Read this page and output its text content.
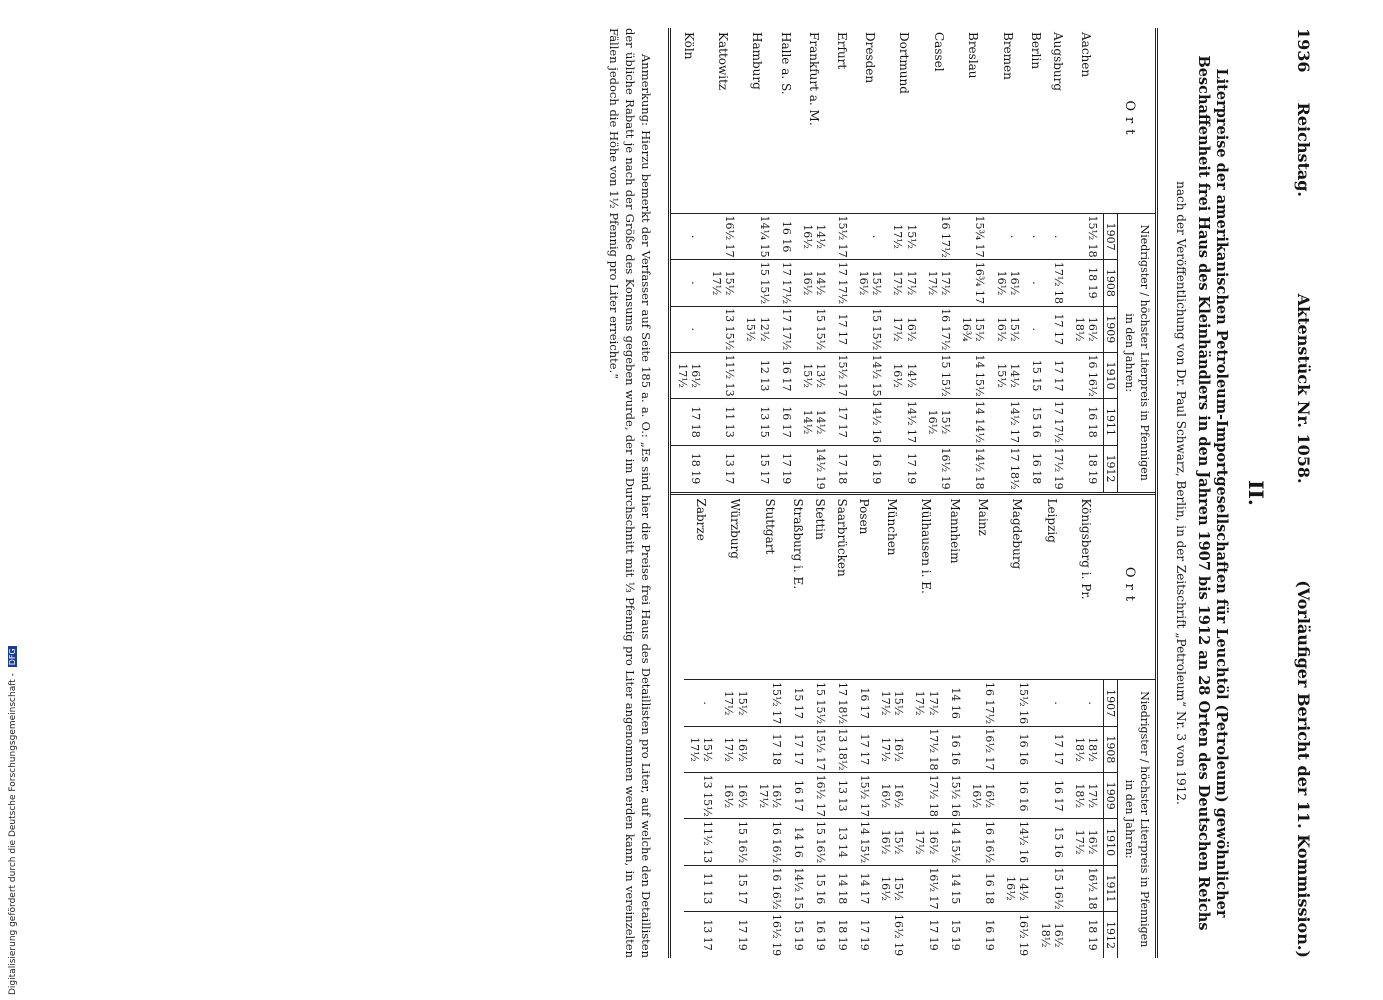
1936
Reichstag.
Aktenstück Nr. 1058.
(Vorläufiger Bericht der 11. Kommission.)
II.
Literpreise der amerikanischen Petroleum-Importgesellschaften für Leuchtöl (Petroleum) gewöhnlicher Beschaffenheit frei Haus des Kleinhändlers in den Jahren 1907 bis 1912 an 28 Orten des Deutschen Reichs
nach der Veröffentlichung von Dr. Paul Schwarz, Berlin, in der Zeitschrift „Petroleum“ Nr. 3 von 1912.
Ort	Niedrigster / höchster Literpreis in Pfennigen
in den Jahren:					
	1907	1908	1909	1910	1911	1912
Aachen	15½ 18	18 19	16½ 18½	16 16½	16 18	18 19
Augsburg	.	17½ 18	17 17	17 17	17 17½	17½ 19
Berlin	.	.	.	15 15	15 16	16 18
Bremen	.	16½ 16½	15½ 16½	14½ 15½	14½ 17	17 18½
Breslau	15¾ 17	16¾ 17	15½ 16¾	14 15½	14 14½	14½ 18
Cassel	16 17½	17½ 17½	16 17½	15 15½	15½ 16½	16½ 19
Dortmund	15½ 17½	17½ 17½	16½ 17½	14½ 16½	14½ 17	17 19
Dresden	.	15½ 16½	15 15½	14½ 15	14½ 16	16 19
Erfurt	15½ 17	17 17½	17 17	15½ 17	17 17	17 18
Frankfurt a. M.	14½ 16½	14½ 16½	15 15½	13½ 15½	14½ 14½	14½ 19
Halle a. S.	16 16	17 17½	17 17½	16 17	16 17	17 19
Hamburg	14¼ 15	15 15½	12½ 15½	12 13	13 15	15 17
Kattowitz	16½ 17	15½ 17½	13 15½	11½ 13	11 13	13 17
Köln	.	.	.	16½ 17½	17 18	18 19
Ort	Niedrigster / höchster Literpreis in Pfennigen
in den Jahren:					
	1907	1908	1909	1910	1911	1912
Königsberg i. Pr.	.	18½ 18½	17½ 18½	16½ 17½	16½ 18	18 19
Leipzig	.	17 17	16 17	15 16	15 16½	16½ 18½
Magdeburg	15½ 16	16 16	16 16	14½ 16	14½ 16½	16½ 19
Mainz	16 17½	16½ 17	16½ 16½	16 16½	16 18	16 19
Mannheim	14 16	16 16	15½ 16	14 15½	14 15	15 19
Mülhausen i. E.	17½ 17½	17½ 18	17½ 18	16½ 17½	16½ 17	17 19
München	15½ 17½	16½ 17½	16½ 16½	15½ 16½	15½ 16½	16½ 19
Posen	16 17	17 17	15½ 17	14 15½	14 17	17 19
Saarbrücken	17 18½	13 18½	13 13	13 14	14 18	18 19
Stettin	15 15½	15½ 17	16½ 17	15 16½	15 16	16 19
Straßburg i. E.	15 17	17 17	16 17	14 16	14½ 15	15 19
Stuttgart	15½ 17	17 18	16½ 17½	16 16½	16 16½	16½ 19
Würzburg	15½ 17½	16½ 17½	16½ 16½	15 16½	15 17	17 19
Zabrze	.	15½ 17½	13 15½	11½ 13	11 13	13 17
Anmerkung: Hierzu bemerkt der Verfasser auf Seite 185 a. a. O.: „Es sind hier die Preise frei Haus des Detaillisten pro Liter, auf welche den Detaillisten der übliche Rabatt je nach der Größe des Konsums gegeben wurde, der im Durchschnitt mit ⅓ Pfennig pro Liter angenommen werden kann, in vereinzelten Fällen jedoch die Höhe von 1½ Pfennig pro Liter erreichte.“
Digitalisierung gefördert durch die Deutsche Forschungsgemeinschaft - DFG
